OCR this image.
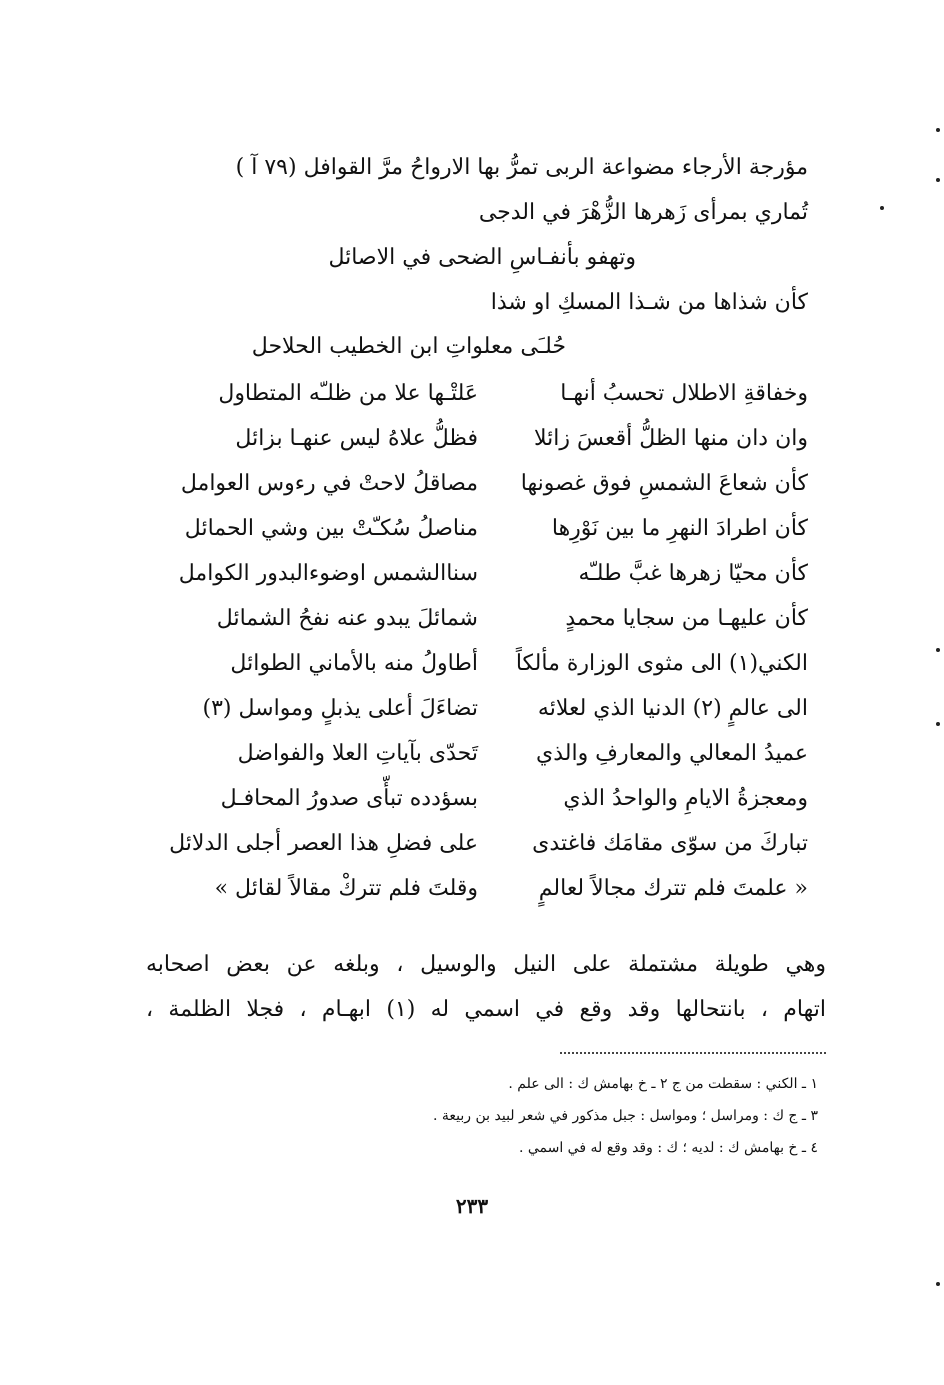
مؤرجة الأرجاء مضواعة الربى تمرُّ بها الارواحُ مرَّ القوافل (٧٩ آ )
تُماري بمرأى زَهرها الزُّهْرَ في الدجى
وتهفو بأنفـاسِ الضحى في الاصائل
كأن شذاها من شـذا المسكِ او شذا
حُلـَى معلواتِ ابن الخطيب الحلاحل
وخفاقةِ الاطلال تحسبُ أنهـا
عَلتْـها علا من ظلـّه المتطاول
وان دان منها الظلُّ أقعسَ زائلا
فظلُّ علاهُ ليس عنهـا بزائل
كأن شعاعَ الشمسِ فوق غصونها
مصاقلُ لاحتْ في رءوس العوامل
كأن اطرادَ النهرِ ما بين نَوْرِها
مناصلُ سُكـّتْ بين وشي الحمائل
كأن محيّا زهرها غبَّ طلـّه
سناالشمس اوضوءالبدور الكوامل
كأن عليهـا من سجايا محمدٍ
شمائلَ يبدو عنه نفحُ الشمائل
الكني(١) الى مثوى الوزارة مألكاً
أطاولُ منه بالأماني الطوائل
الى عالمٍ (٢) الدنيا الذي لعلائه
تضاءَلَ أعلى يذبلٍ ومواسل (٣)
عميدُ المعالي والمعارفِ والذي
تَحدّى بآياتِ العلا والفواضل
ومعجزةُ الايامِ والواحدُ الذي
بسؤدده تبأّى صدورُ المحافـل
تباركَ من سوّى مقامَك فاغتدى
على فضلِ هذا العصر أجلى الدلائل
« علمتَ فلم تترك مجالاً لعالمٍ
وقلتَ فلم تتركْ مقالاً لقائل »
وهي طويلة مشتملة على النيل والوسيل ، وبلغه عن بعض اصحابه
اتهام ، بانتحالها وقد وقع في اسمي له (١) ابهـام ، فجلا الظلمة ،
١ ـ الكني : سقطت من ج ٢ ـ خ بهامش ك : الى علم .
٣ ـ ج ك : ومراسل ؛ ومواسل : جبل مذكور في شعر لبيد بن ربيعة .
٤ ـ خ بهامش ك : لديه ؛ ك : وقد وقع له في اسمي .
٢٣٣
